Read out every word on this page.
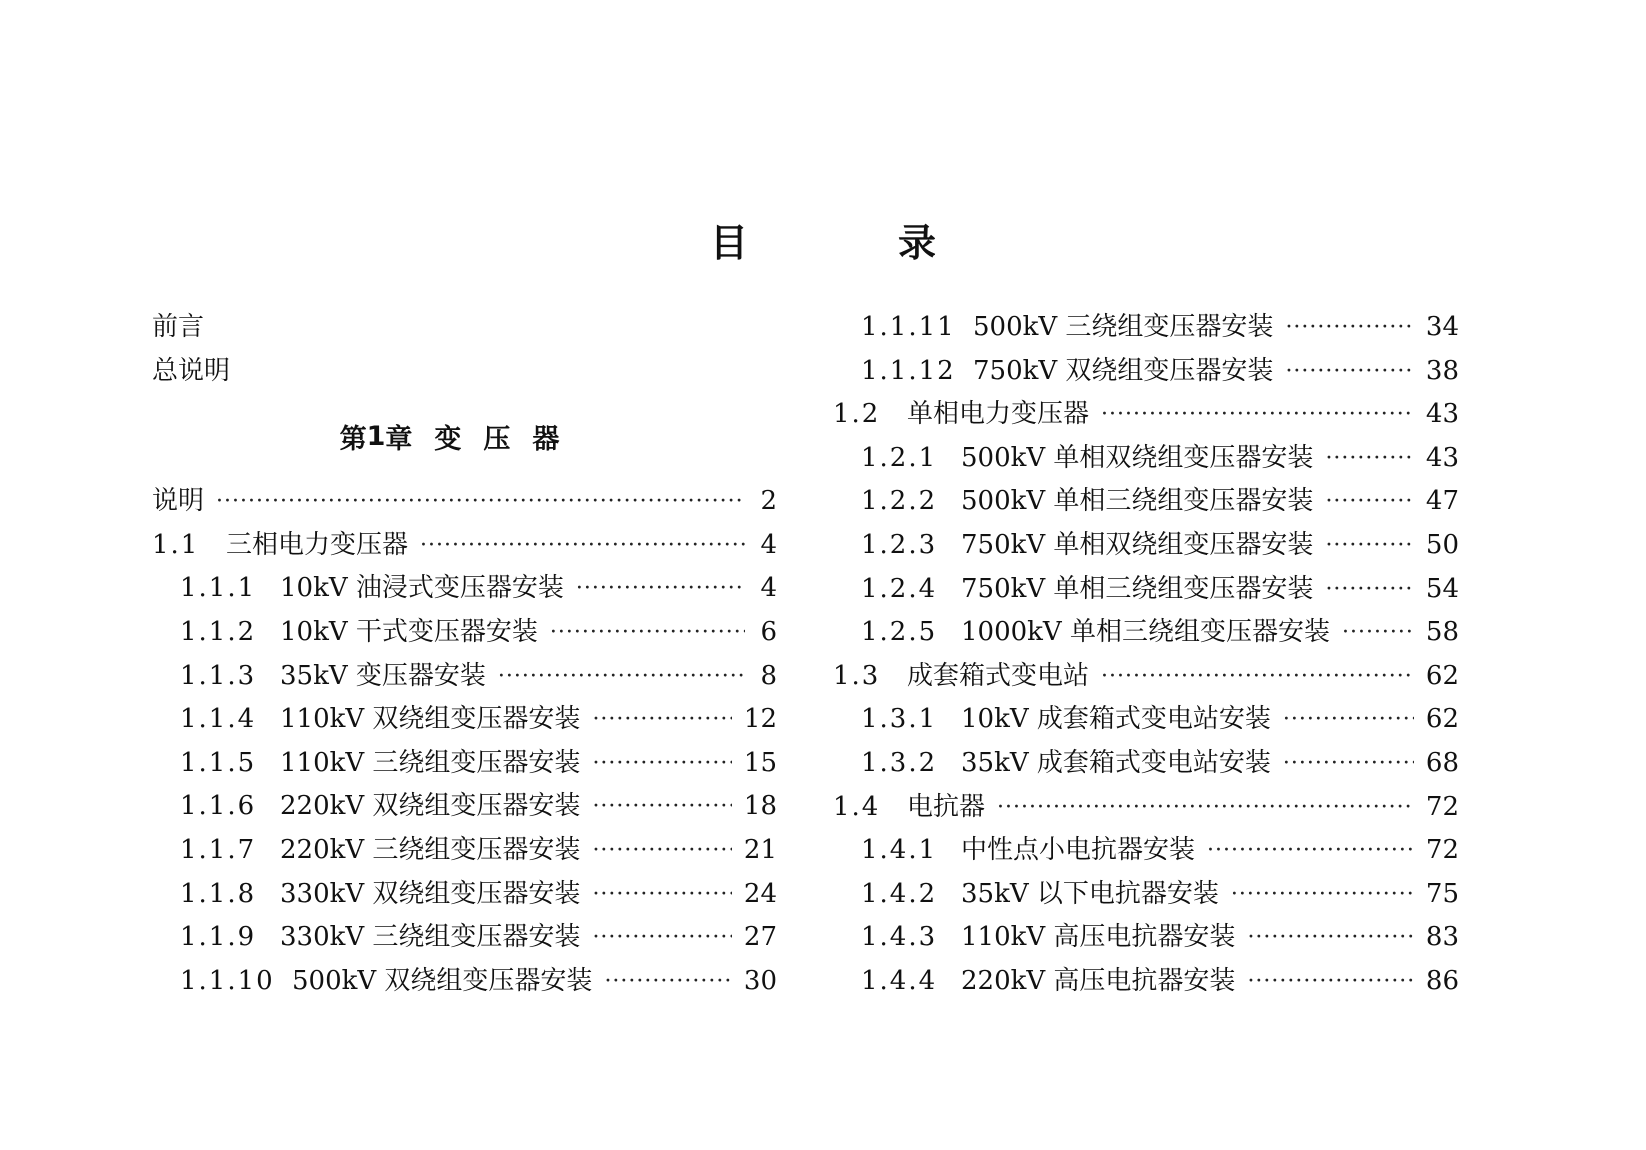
目	录
前言
总说明
第 1 章 变 压 器
说明 ·····	2
1.1	三相电力变压器 ·····	4
1.1.1 10kV 油浸式变压器安装 ·····	4
1.1.2 10kV 干式变压器安装 ·····	6
1.1.3 35kV 变压器安装 ·····	8
1.1.4 110kV 双绕组变压器安装 ·····	12
1.1.5 110kV 三绕组变压器安装 ·····	15
1.1.6 220kV 双绕组变压器安装 ·····	18
1.1.7 220kV 三绕组变压器安装 ·····	21
1.1.8 330kV 双绕组变压器安装 ·····	24
1.1.9 330kV 三绕组变压器安装 ·····	27
1.1.10 500kV 双绕组变压器安装 ·····	30
1.1.11 500kV 三绕组变压器安装 ·····	34
1.1.12 750kV 双绕组变压器安装 ·····	38
1.2	单相电力变压器 ·····	43
1.2.1 500kV 单相双绕组变压器安装 ·····	43
1.2.2 500kV 单相三绕组变压器安装 ·····	47
1.2.3 750kV 单相双绕组变压器安装 ·····	50
1.2.4 750kV 单相三绕组变压器安装 ·····	54
1.2.5 1000kV 单相三绕组变压器安装 ·····	58
1.3	成套箱式变电站 ·····	62
1.3.1 10kV 成套箱式变电站安装 ·····	62
1.3.2 35kV 成套箱式变电站安装 ·····	68
1.4	电抗器 ·····	72
1.4.1 中性点小电抗器安装 ·····	72
1.4.2 35kV 以下电抗器安装 ·····	75
1.4.3 110kV 高压电抗器安装 ·····	83
1.4.4 220kV 高压电抗器安装 ·····	86
